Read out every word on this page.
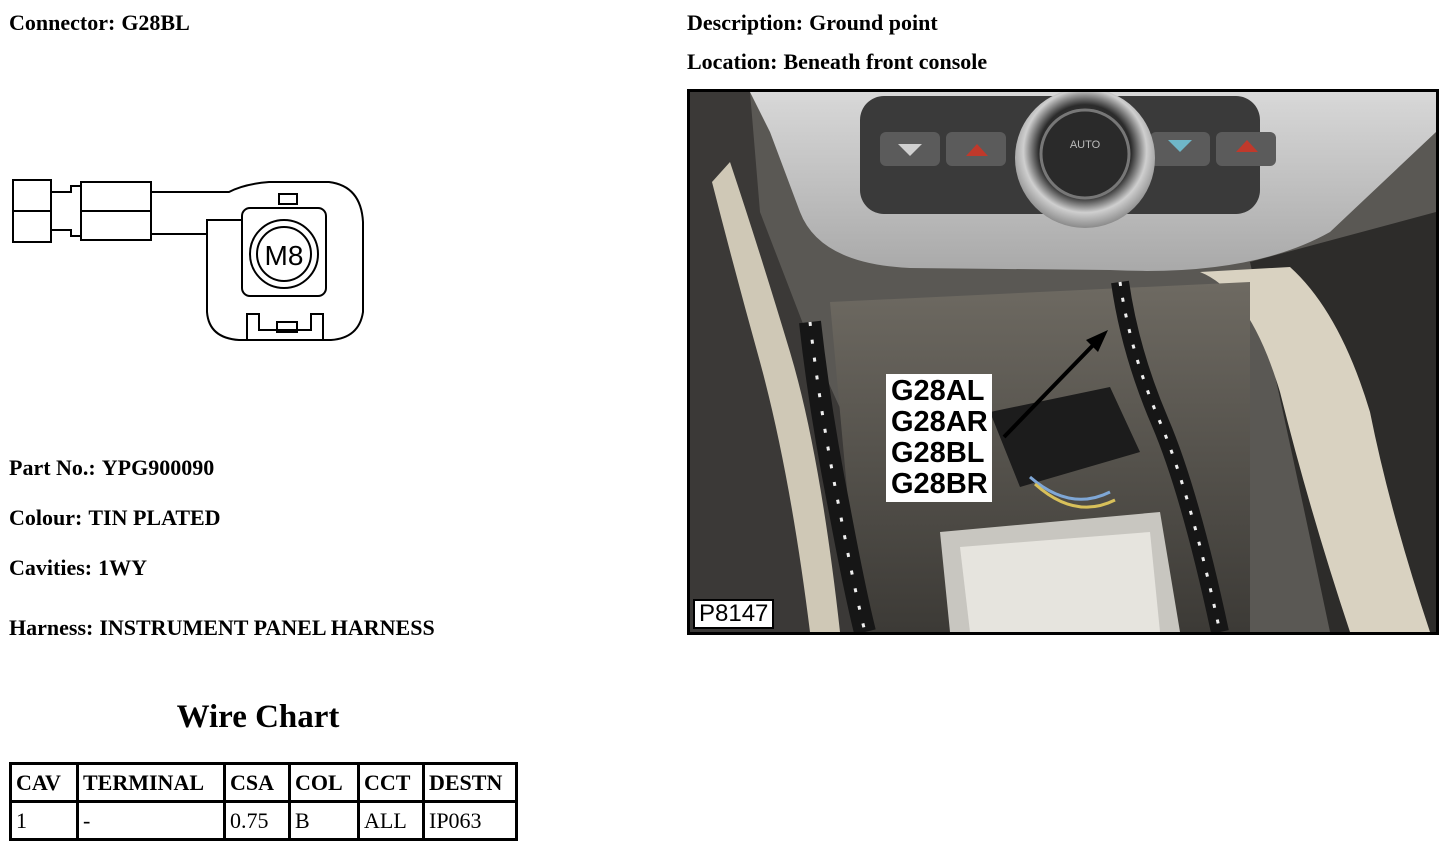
Connector: G28BL	Description: Ground point
Location: Beneath front console
M8
Part No.: YPG900090
Colour: TIN PLATED
Cavities: 1WY
Harness: INSTRUMENT PANEL HARNESS
Wire Chart
CAV	TERMINAL	CSA	COL	CCT	DESTN
1	-	0.75	B	ALL	IP063
AUTO
G28AL
G28AR
G28BL
G28BR
P8147
